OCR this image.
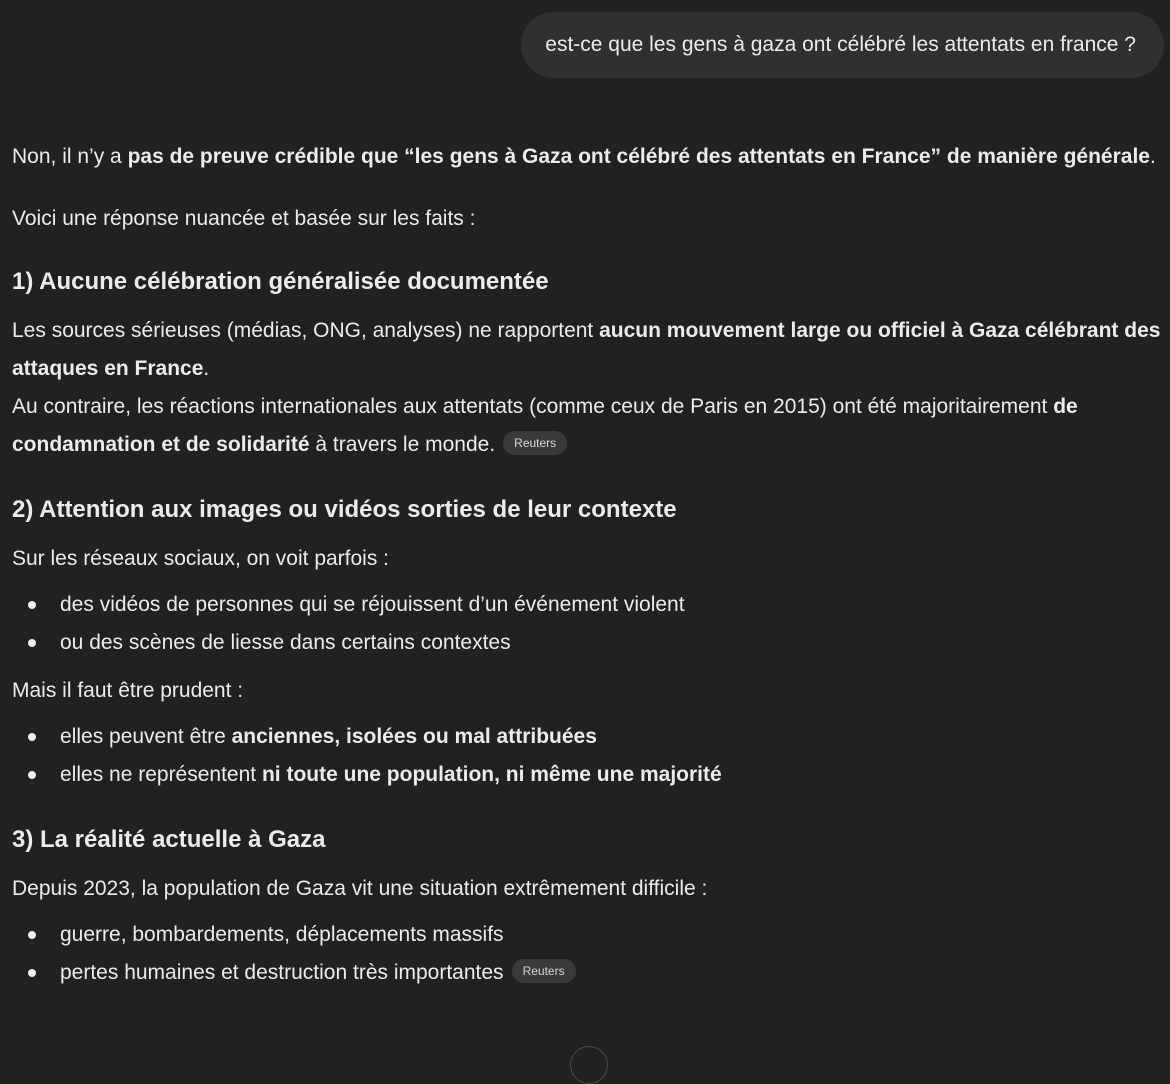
est-ce que les gens à gaza ont célébré les attentats en france ?

Non, il n’y a pas de preuve crédible que “les gens à Gaza ont célébré des attentats en France” de manière générale.

Voici une réponse nuancée et basée sur les faits :

1) Aucune célébration généralisée documentée

Les sources sérieuses (médias, ONG, analyses) ne rapportent aucun mouvement large ou officiel à Gaza célébrant des attaques en France.

Au contraire, les réactions internationales aux attentats (comme ceux de Paris en 2015) ont été majoritairement de condamnation et de solidarité à travers le monde. Reuters

2) Attention aux images ou vidéos sorties de leur contexte

Sur les réseaux sociaux, on voit parfois :

des vidéos de personnes qui se réjouissent d’un événement violent
ou des scènes de liesse dans certains contextes

Mais il faut être prudent :

elles peuvent être anciennes, isolées ou mal attribuées
elles ne représentent ni toute une population, ni même une majorité
3) La réalité actuelle à Gaza

Depuis 2023, la population de Gaza vit une situation extrêmement difficile :

guerre, bombardements, déplacements massifs
pertes humaines et destruction très importantes Reuters
